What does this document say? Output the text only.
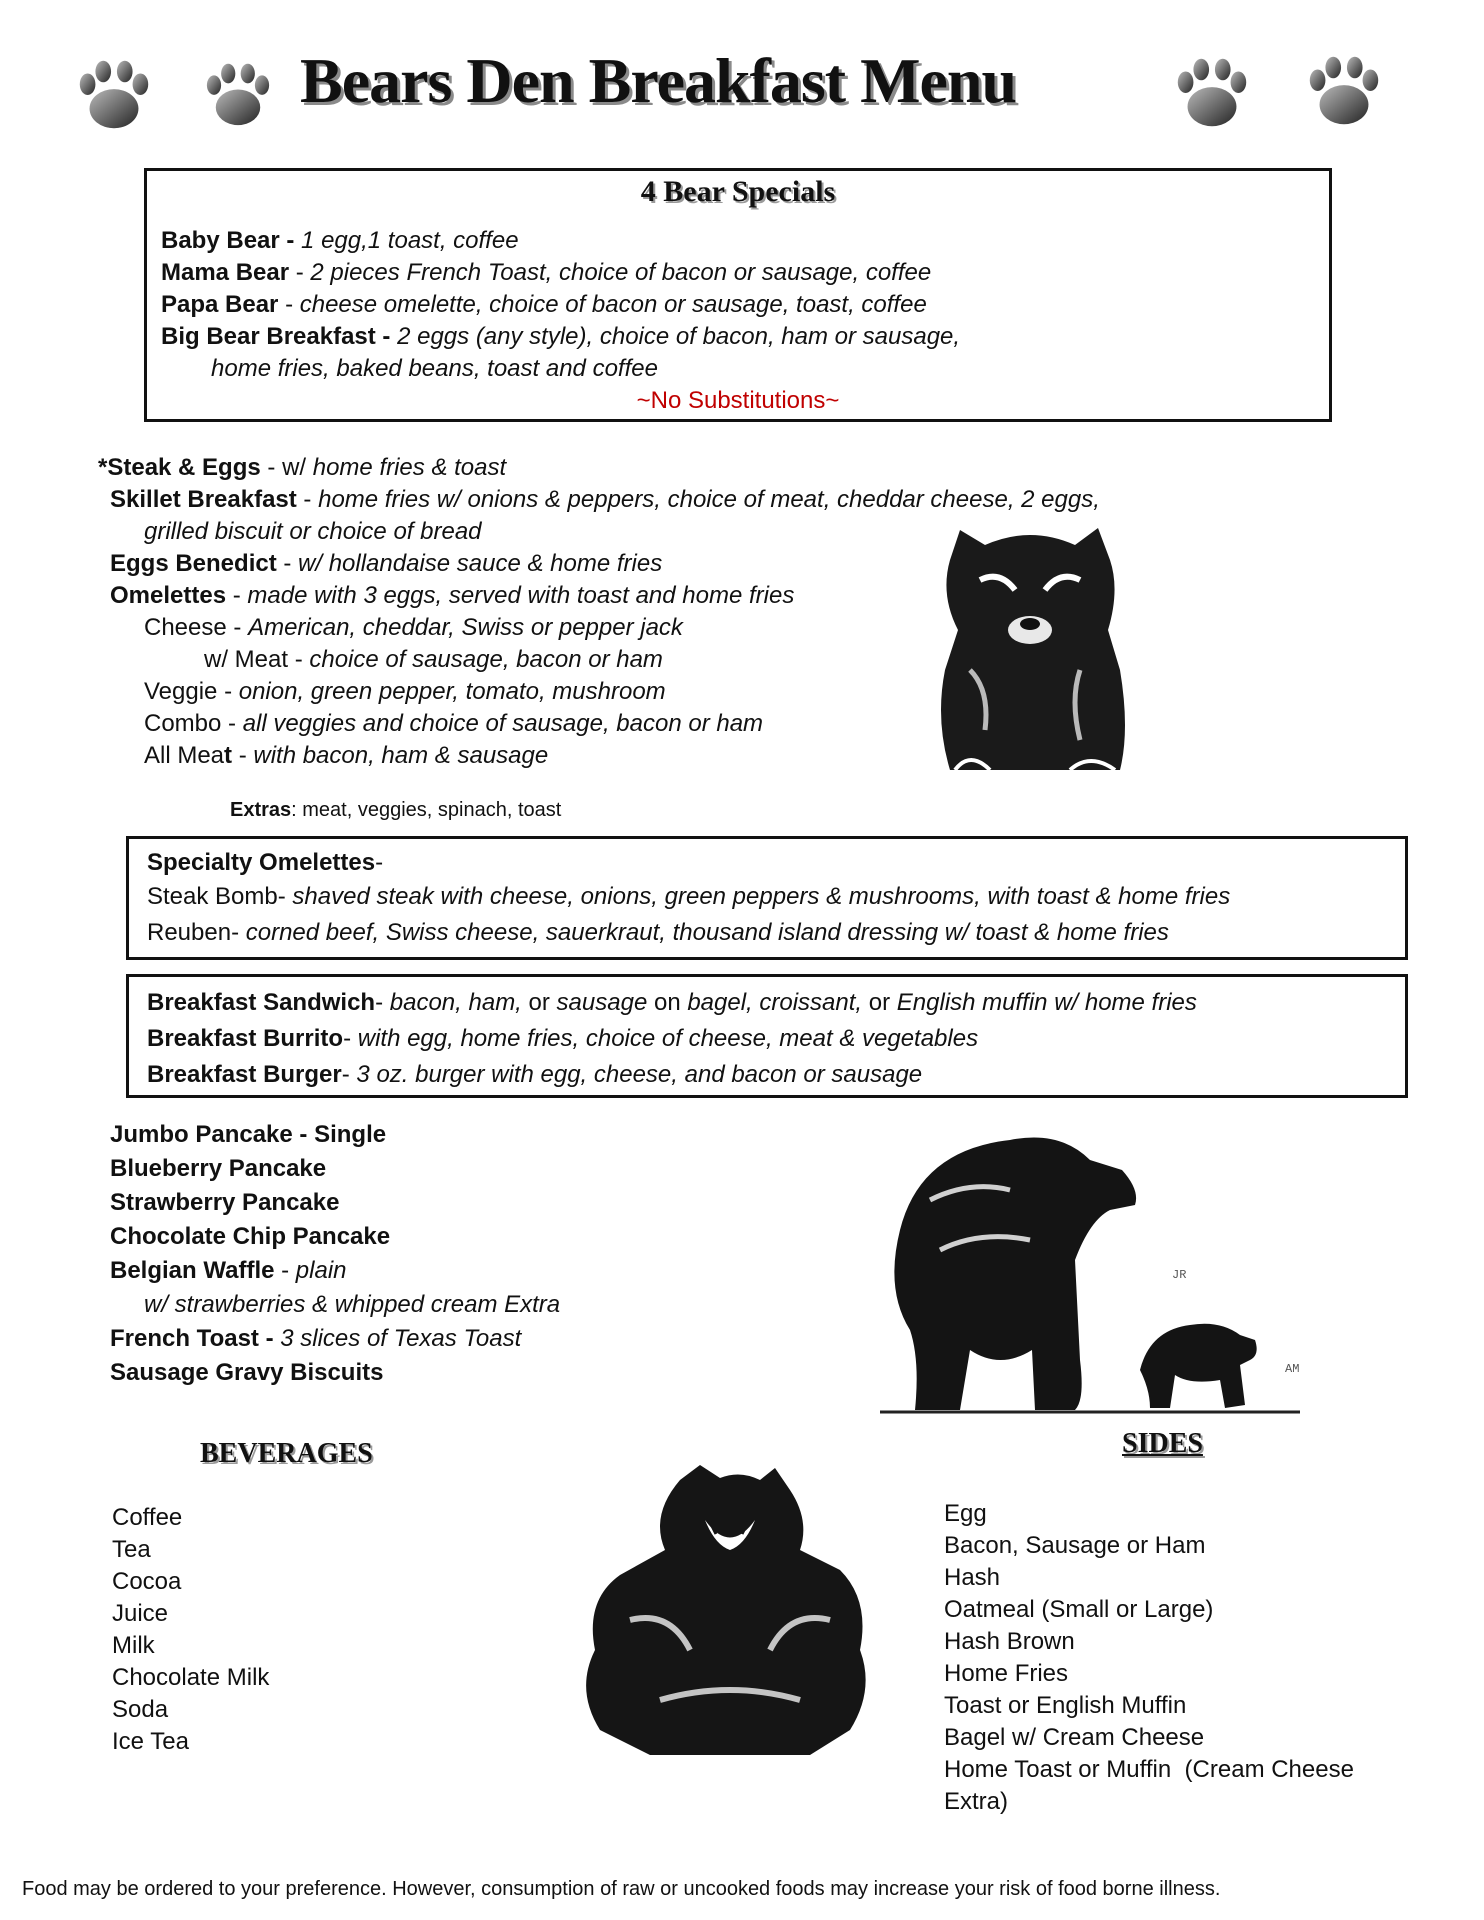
Bears Den Breakfast Menu
4 Bear Specials
Baby Bear - 1 egg,1 toast, coffee
Mama Bear - 2 pieces French Toast, choice of bacon or sausage, coffee
Papa Bear - cheese omelette, choice of bacon or sausage, toast, coffee
Big Bear Breakfast - 2 eggs (any style), choice of bacon, ham or sausage,
home fries, baked beans, toast and coffee
~No Substitutions~
*Steak & Eggs - w/ home fries & toast
Skillet Breakfast - home fries w/ onions & peppers, choice of meat, cheddar cheese, 2 eggs,
grilled biscuit or choice of bread
Eggs Benedict - w/ hollandaise sauce & home fries
Omelettes - made with 3 eggs, served with toast and home fries
Cheese - American, cheddar, Swiss or pepper jack
w/ Meat - choice of sausage, bacon or ham
Veggie - onion, green pepper, tomato, mushroom
Combo - all veggies and choice of sausage, bacon or ham
All Meat - with bacon, ham & sausage
Extras: meat, veggies, spinach, toast
Specialty Omelettes-
Steak Bomb- shaved steak with cheese, onions, green peppers & mushrooms, with toast & home fries
Reuben- corned beef, Swiss cheese, sauerkraut, thousand island dressing w/ toast & home fries
Breakfast Sandwich- bacon, ham, or sausage on bagel, croissant, or English muffin w/ home fries
Breakfast Burrito- with egg, home fries, choice of cheese, meat & vegetables
Breakfast Burger- 3 oz. burger with egg, cheese, and bacon or sausage
Jumbo Pancake - Single
Blueberry Pancake
Strawberry Pancake
Chocolate Chip Pancake
Belgian Waffle - plain
w/ strawberries & whipped cream Extra
French Toast - 3 slices of Texas Toast
Sausage Gravy Biscuits
JR
AM
BEVERAGES
Coffee
Tea
Cocoa
Juice
Milk
Chocolate Milk
Soda
Ice Tea
SIDES
Egg
Bacon, Sausage or Ham
Hash
Oatmeal (Small or Large)
Hash Brown
Home Fries
Toast or English Muffin
Bagel w/ Cream Cheese
Home Toast or Muffin  (Cream Cheese
Extra)
Food may be ordered to your preference. However, consumption of raw or uncooked foods may increase your risk of food borne illness.
